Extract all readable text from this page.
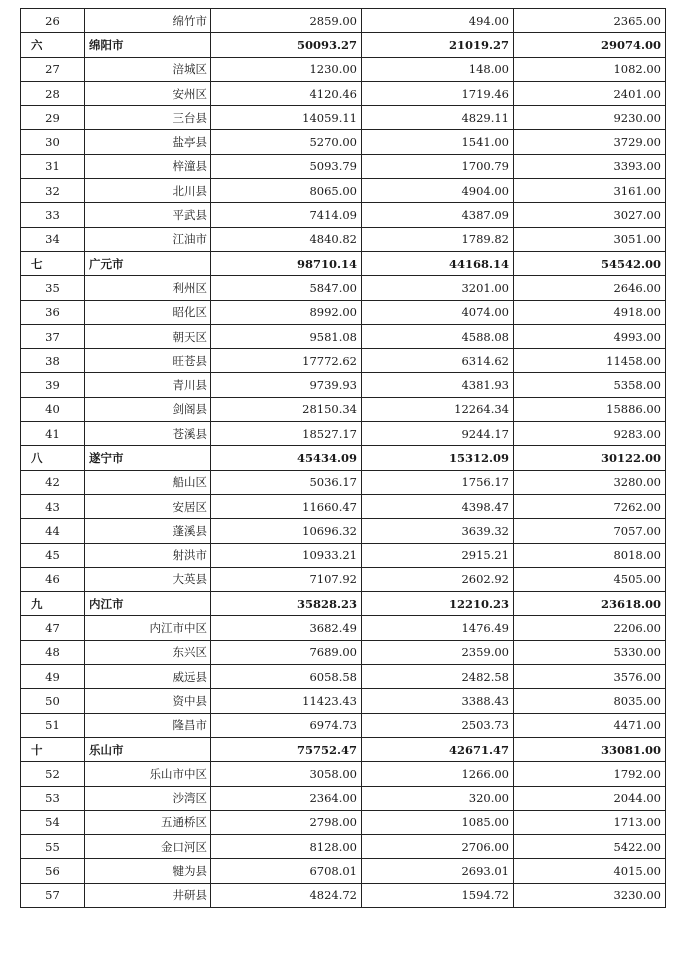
26	绵竹市	2859.00	494.00	2365.00
六	绵阳市	50093.27	21019.27	29074.00
27	涪城区	1230.00	148.00	1082.00
28	安州区	4120.46	1719.46	2401.00
29	三台县	14059.11	4829.11	9230.00
30	盐亭县	5270.00	1541.00	3729.00
31	梓潼县	5093.79	1700.79	3393.00
32	北川县	8065.00	4904.00	3161.00
33	平武县	7414.09	4387.09	3027.00
34	江油市	4840.82	1789.82	3051.00
七	广元市	98710.14	44168.14	54542.00
35	利州区	5847.00	3201.00	2646.00
36	昭化区	8992.00	4074.00	4918.00
37	朝天区	9581.08	4588.08	4993.00
38	旺苍县	17772.62	6314.62	11458.00
39	青川县	9739.93	4381.93	5358.00
40	剑阁县	28150.34	12264.34	15886.00
41	苍溪县	18527.17	9244.17	9283.00
八	遂宁市	45434.09	15312.09	30122.00
42	船山区	5036.17	1756.17	3280.00
43	安居区	11660.47	4398.47	7262.00
44	蓬溪县	10696.32	3639.32	7057.00
45	射洪市	10933.21	2915.21	8018.00
46	大英县	7107.92	2602.92	4505.00
九	内江市	35828.23	12210.23	23618.00
47	内江市中区	3682.49	1476.49	2206.00
48	东兴区	7689.00	2359.00	5330.00
49	威远县	6058.58	2482.58	3576.00
50	资中县	11423.43	3388.43	8035.00
51	隆昌市	6974.73	2503.73	4471.00
十	乐山市	75752.47	42671.47	33081.00
52	乐山市中区	3058.00	1266.00	1792.00
53	沙湾区	2364.00	320.00	2044.00
54	五通桥区	2798.00	1085.00	1713.00
55	金口河区	8128.00	2706.00	5422.00
56	犍为县	6708.01	2693.01	4015.00
57	井研县	4824.72	1594.72	3230.00
